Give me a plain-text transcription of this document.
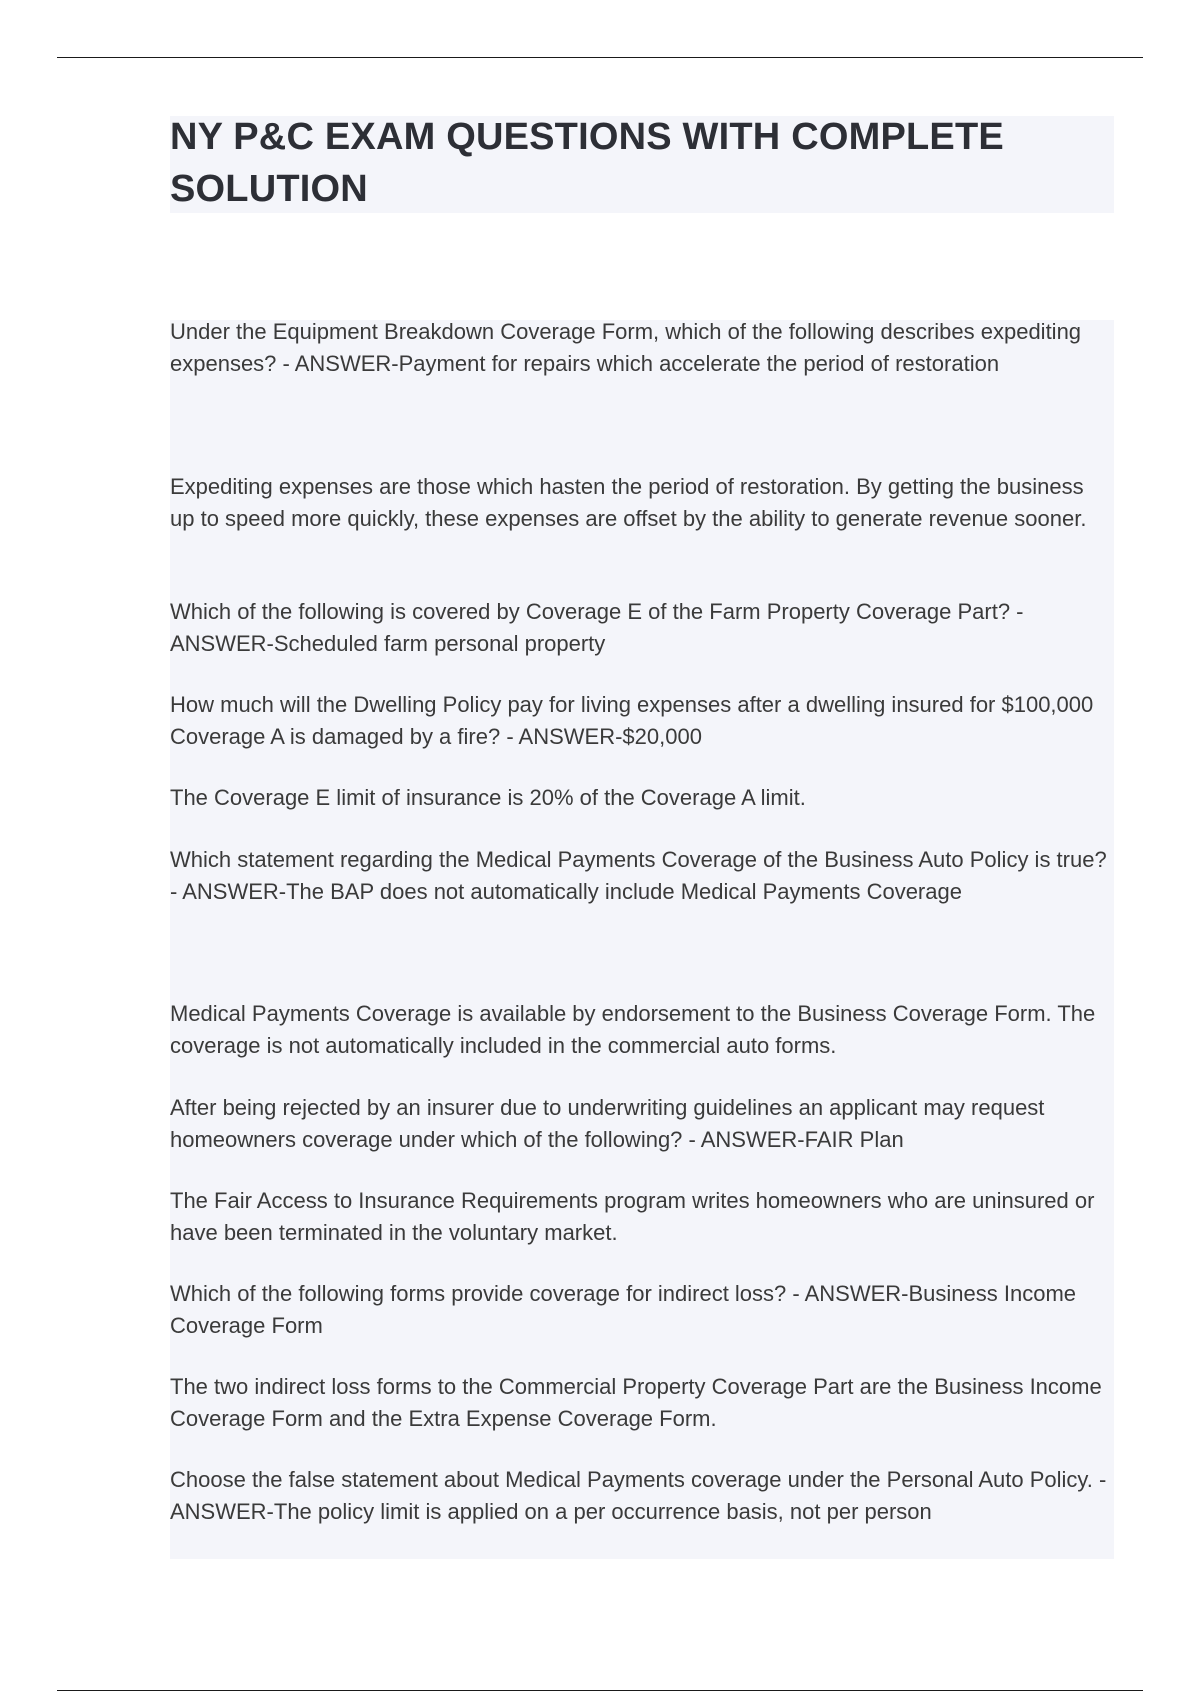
NY P&C EXAM QUESTIONS WITH COMPLETE SOLUTION

Under the Equipment Breakdown Coverage Form, which of the following describes expediting expenses? - ANSWER-Payment for repairs which accelerate the period of restoration

Expediting expenses are those which hasten the period of restoration. By getting the business up to speed more quickly, these expenses are offset by the ability to generate revenue sooner.

Which of the following is covered by Coverage E of the Farm Property Coverage Part? - ANSWER-Scheduled farm personal property

How much will the Dwelling Policy pay for living expenses after a dwelling insured for $100,000 Coverage A is damaged by a fire? - ANSWER-$20,000

The Coverage E limit of insurance is 20% of the Coverage A limit.

Which statement regarding the Medical Payments Coverage of the Business Auto Policy is true? - ANSWER-The BAP does not automatically include Medical Payments Coverage

Medical Payments Coverage is available by endorsement to the Business Coverage Form. The coverage is not automatically included in the commercial auto forms.

After being rejected by an insurer due to underwriting guidelines an applicant may request homeowners coverage under which of the following? - ANSWER-FAIR Plan

The Fair Access to Insurance Requirements program writes homeowners who are uninsured or have been terminated in the voluntary market.

Which of the following forms provide coverage for indirect loss? - ANSWER-Business Income Coverage Form

The two indirect loss forms to the Commercial Property Coverage Part are the Business Income Coverage Form and the Extra Expense Coverage Form.

Choose the false statement about Medical Payments coverage under the Personal Auto Policy. - ANSWER-The policy limit is applied on a per occurrence basis, not per person
